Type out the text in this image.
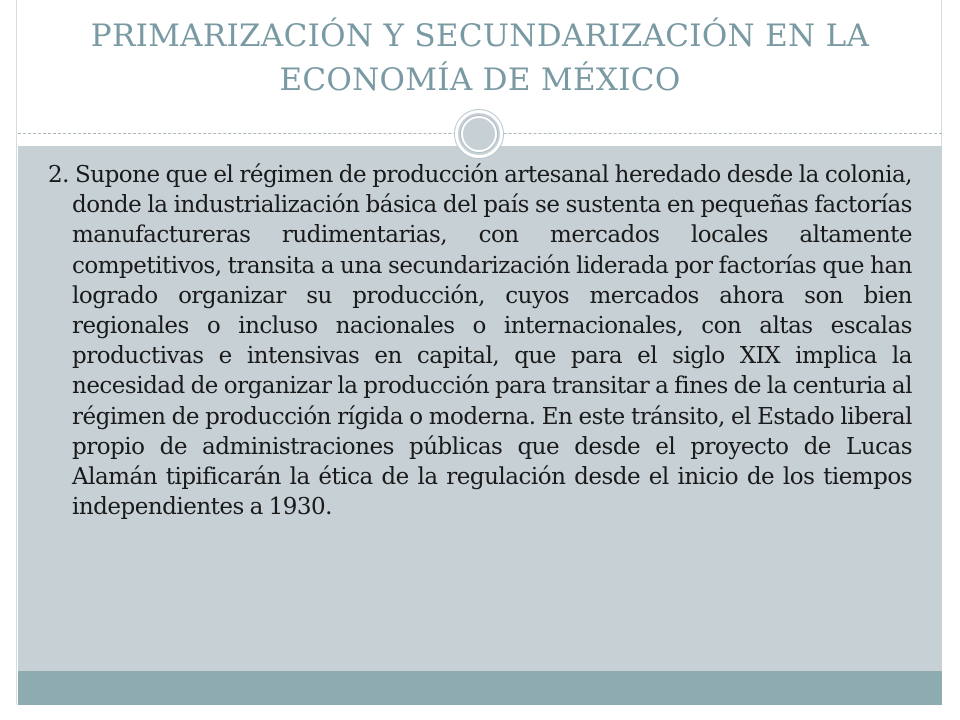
PRIMARIZACIÓN Y SECUNDARIZACIÓN EN LA ECONOMÍA DE MÉXICO

2. Supone que el régimen de producción artesanal heredado desde la colonia, donde la industrialización básica del país se sustenta en pequeñas factorías manufactureras rudimentarias, con mercados locales altamente competitivos, transita a una secundarización liderada por factorías que han logrado organizar su producción, cuyos mercados ahora son bien regionales o incluso nacionales o internacionales, con altas escalas productivas e intensivas en capital, que para el siglo XIX implica la necesidad de organizar la producción para transitar a fines de la centuria al régimen de producción rígida o moderna. En este tránsito, el Estado liberal propio de administraciones públicas que desde el proyecto de Lucas Alamán tipificarán la ética de la regulación desde el inicio de los tiempos independientes a 1930.
